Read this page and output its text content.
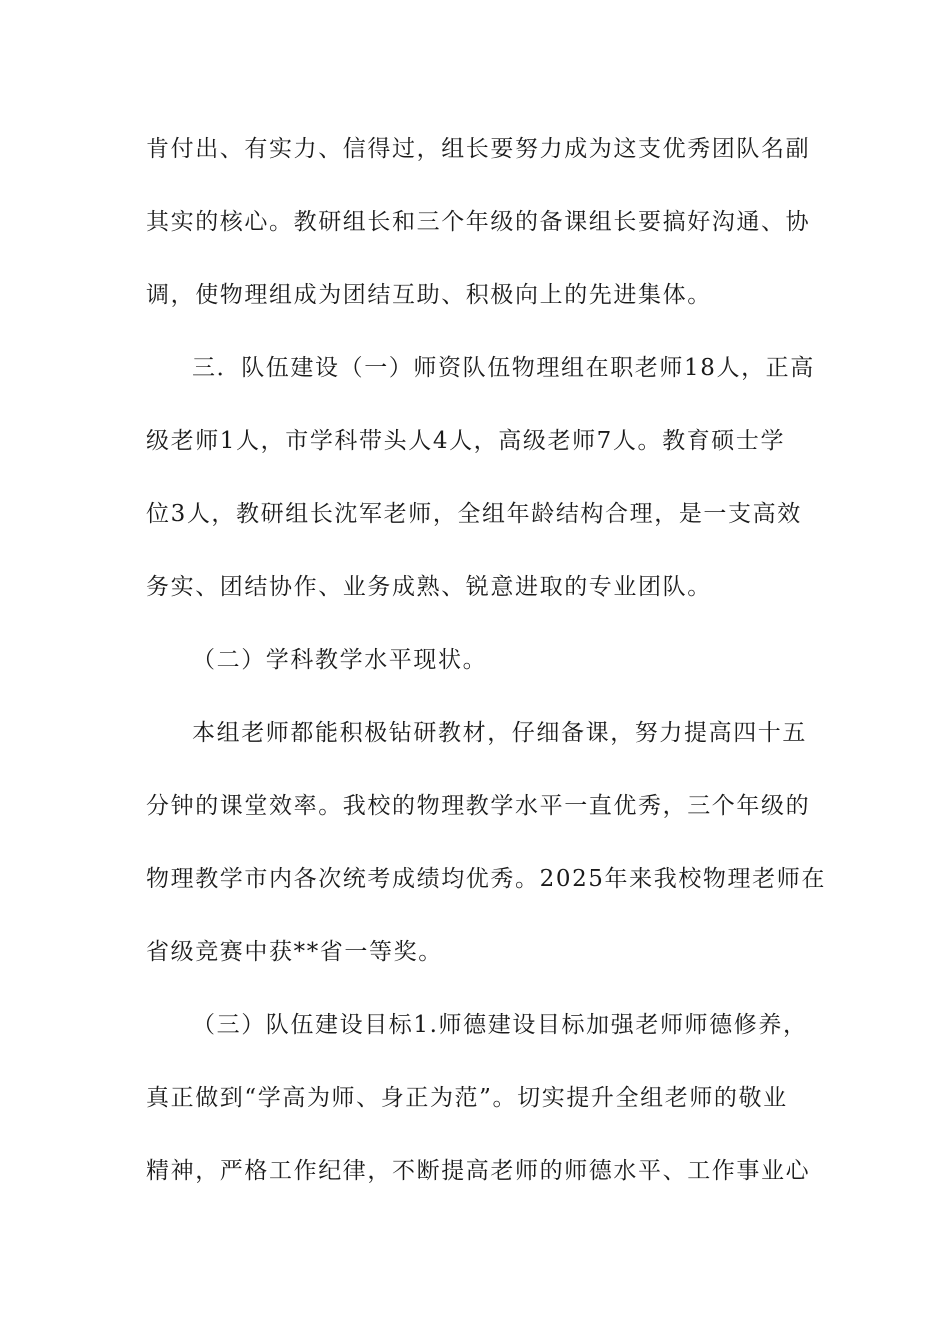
肯付出、有实力、信得过，组长要努力成为这支优秀团队名副
其实的核心。教研组长和三个年级的备课组长要搞好沟通、协
调，使物理组成为团结互助、积极向上的先进集体。
三．队伍建设（一）师资队伍物理组在职老师18人，正高
级老师1人，市学科带头人4人，高级老师7人。教育硕士学
位3人，教研组长沈军老师，全组年龄结构合理，是一支高效
务实、团结协作、业务成熟、锐意进取的专业团队。
（二）学科教学水平现状。
本组老师都能积极钻研教材，仔细备课，努力提高四十五
分钟的课堂效率。我校的物理教学水平一直优秀，三个年级的
物理教学市内各次统考成绩均优秀。2025年来我校物理老师在
省级竞赛中获**省一等奖。
（三）队伍建设目标1.师德建设目标加强老师师德修养，
真正做到“学高为师、身正为范”。切实提升全组老师的敬业
精神，严格工作纪律，不断提高老师的师德水平、工作事业心
